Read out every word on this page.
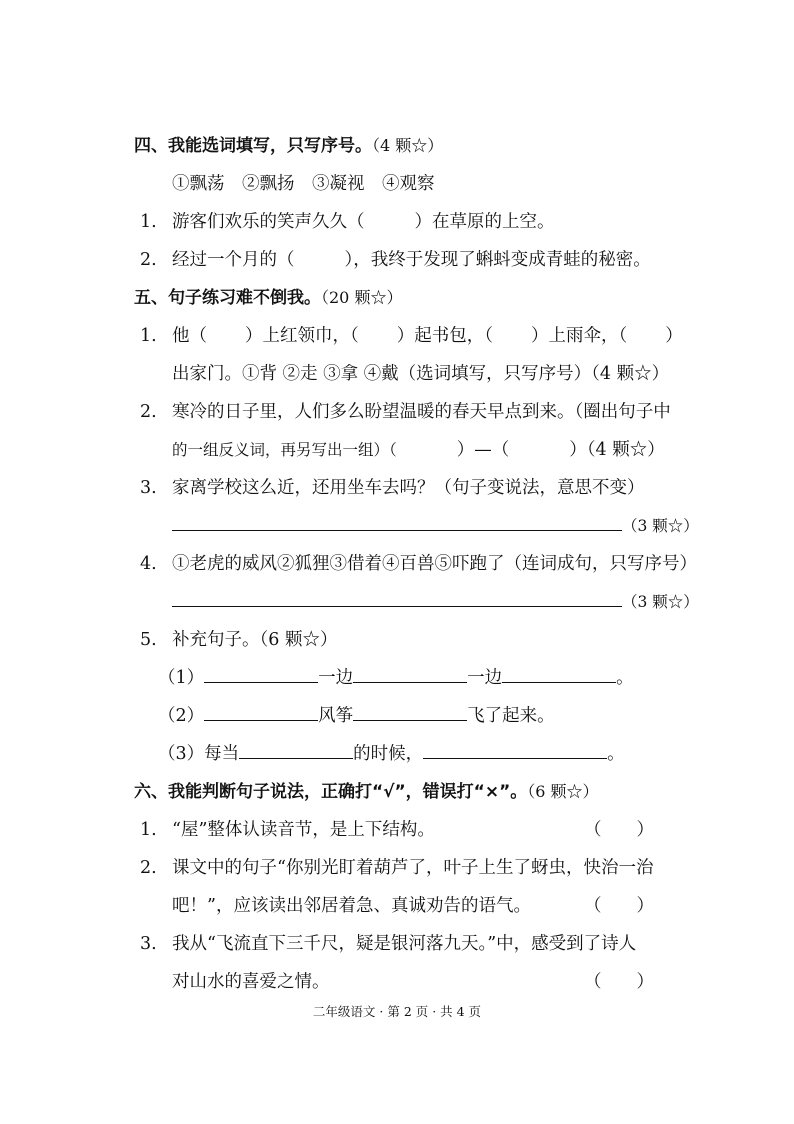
四、我能选词填写，只写序号。（4 颗☆）
①飘荡　②飘扬　③凝视　④观察
1. 游客们欢乐的笑声久久（	）在草原的上空。
2. 经过一个月的（	），我终于发现了蝌蚪变成青蛙的秘密。
五、句子练习难不倒我。（20 颗☆）
1. 他（ ）上红领巾，（ ）起书包，（ ）上雨伞，（ ）
出家门。①背 ②走 ③拿 ④戴（选词填写，只写序号）（4 颗☆）
2. 寒冷的日子里，人们多么盼望温暖的春天早点到来。（圈出句子中
的一组反义词，再另写出一组）（	）—（	）（4 颗☆）
3. 家离学校这么近，还用坐车去吗？（句子变说法，意思不变）
（3 颗☆）
4. ①老虎的威风②狐狸③借着④百兽⑤吓跑了（连词成句，只写序号）
（3 颗☆）
5. 补充句子。（6 颗☆）
（1）	一边	一边	。
（2）	风筝	飞了起来。
（3）每当	的时候，	。
六、我能判断句子说法，正确打“√”，错误打“×”。（6 颗☆）
1. “屋”整体认读音节，是上下结构。	（　　）
2. 课文中的句子“你别光盯着葫芦了，叶子上生了蚜虫，快治一治
吧！”，应该读出邻居着急、真诚劝告的语气。	（　　）
3. 我从“飞流直下三千尺，疑是银河落九天。”中，感受到了诗人
对山水的喜爱之情。	（　　）
二年级语文 · 第 2 页 · 共 4 页
